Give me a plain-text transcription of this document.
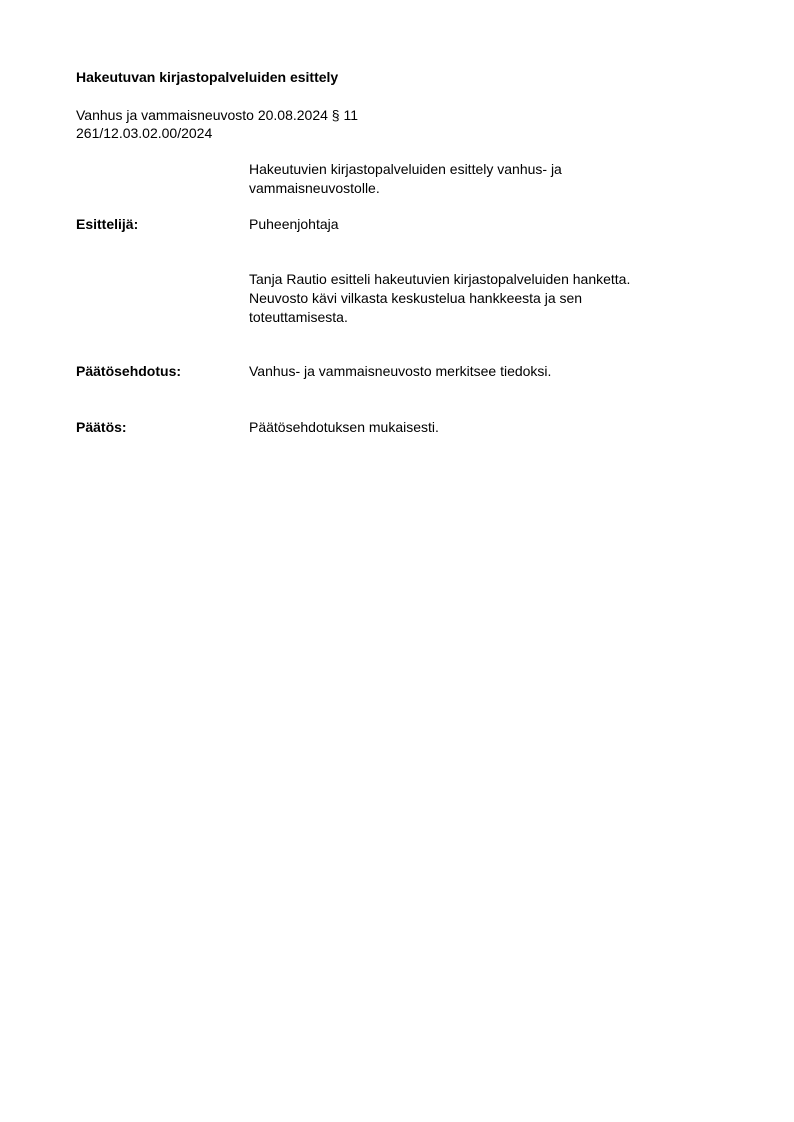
Hakeutuvan kirjastopalveluiden esittely
Vanhus ja vammaisneuvosto 20.08.2024 § 11
261/12.03.02.00/2024
Hakeutuvien kirjastopalveluiden esittely vanhus- ja
vammaisneuvostolle.
Esittelijä:	Puheenjohtaja
Tanja Rautio esitteli hakeutuvien kirjastopalveluiden hanketta.
Neuvosto kävi vilkasta keskustelua hankkeesta ja sen
toteuttamisesta.
Päätösehdotus:	Vanhus- ja vammaisneuvosto merkitsee tiedoksi.
Päätös:	Päätösehdotuksen mukaisesti.
